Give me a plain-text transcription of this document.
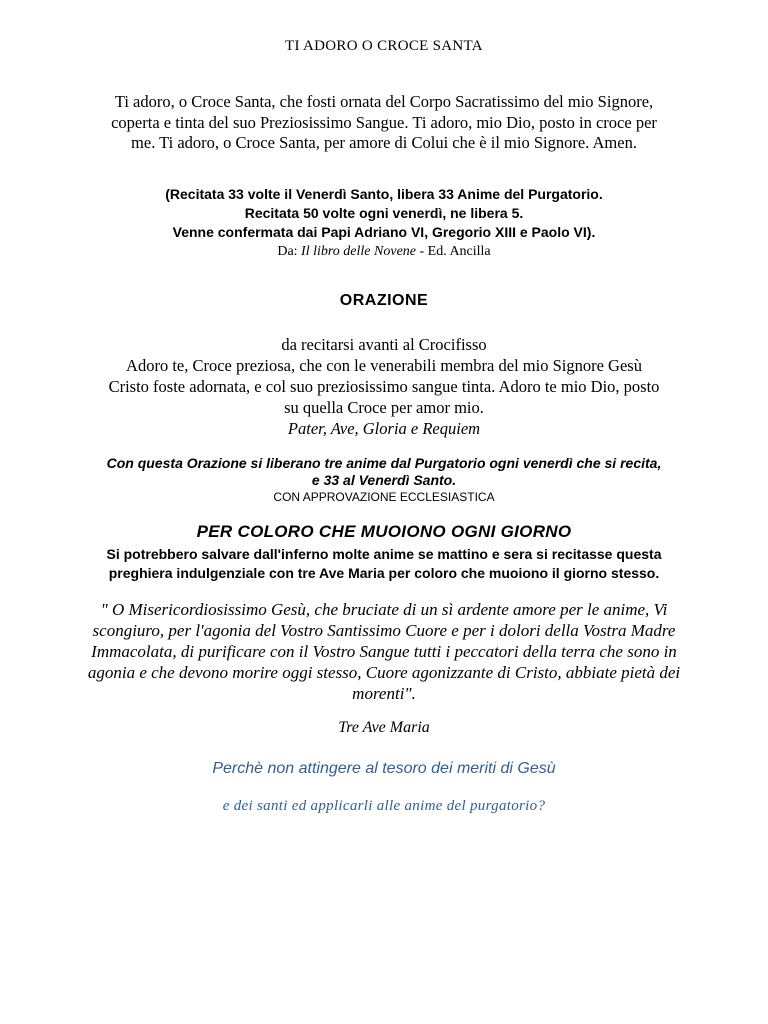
TI ADORO O CROCE SANTA
Ti adoro, o Croce Santa, che fosti ornata del Corpo Sacratissimo del mio Signore,
coperta e tinta del suo Preziosissimo Sangue. Ti adoro, mio Dio, posto in croce per
me. Ti adoro, o Croce Santa, per amore di Colui che è il mio Signore. Amen.
(Recitata 33 volte il Venerdì Santo, libera 33 Anime del Purgatorio.
Recitata 50 volte ogni venerdì, ne libera 5.
Venne confermata dai Papi Adriano VI, Gregorio XIII e Paolo VI).
Da: Il libro delle Novene - Ed. Ancilla
ORAZIONE
da recitarsi avanti al Crocifisso
Adoro te, Croce preziosa, che con le venerabili membra del mio Signore Gesù
Cristo foste adornata, e col suo preziosissimo sangue tinta. Adoro te mio Dio, posto
su quella Croce per amor mio.
Pater, Ave, Gloria e Requiem
Con questa Orazione si liberano tre anime dal Purgatorio ogni venerdì che si recita,
e 33 al Venerdì Santo.
CON APPROVAZIONE ECCLESIASTICA
PER COLORO CHE MUOIONO OGNI GIORNO
Si potrebbero salvare dall'inferno molte anime se mattino e sera si recitasse questa
preghiera indulgenziale con tre Ave Maria per coloro che muoiono il giorno stesso.
" O Misericordiosissimo Gesù, che bruciate di un sì ardente amore per le anime, Vi
scongiuro, per l'agonia del Vostro Santissimo Cuore e per i dolori della Vostra Madre
Immacolata, di purificare con il Vostro Sangue tutti i peccatori della terra che sono in
agonia e che devono morire oggi stesso, Cuore agonizzante di Cristo, abbiate pietà dei
morenti".
Tre Ave Maria
Perchè non attingere al tesoro dei meriti di Gesù
e dei santi ed applicarli alle anime del purgatorio?
